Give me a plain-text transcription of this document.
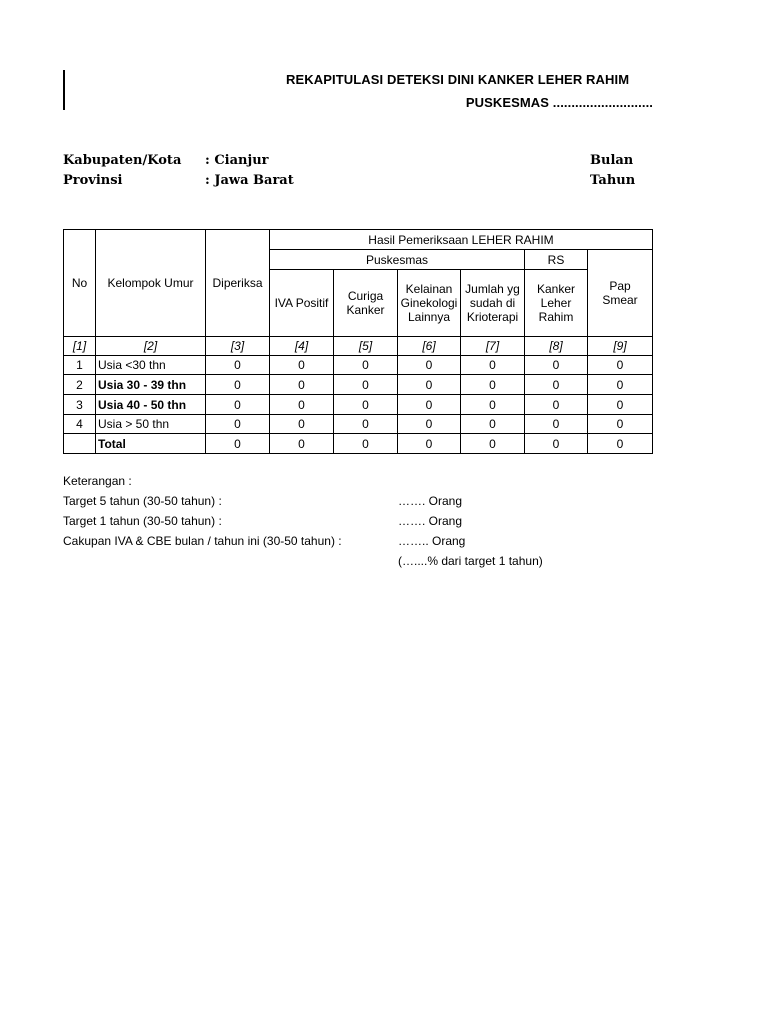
REKAPITULASI DETEKSI DINI KANKER LEHER RAHIM
PUSKESMAS ...........................
Kabupaten/Kota : Cianjur
Provinsi	: Jawa Barat
Bulan
Tahun
No	Kelompok Umur	Diperiksa	Hasil Pemeriksaan LEHER RAHIM					
			Puskesmas				RS	Pap Smear
			IVA Positif	Curiga Kanker	Kelainan Ginekologi Lainnya	Jumlah yg sudah di Krioterapi	Kanker Leher Rahim	
[1]	[2]	[3]	[4]	[5]	[6]	[7]	[8]	[9]
1	Usia <30 thn	0	0	0	0	0	0	0
2	Usia 30 - 39 thn	0	0	0	0	0	0	0
3	Usia 40 - 50 thn	0	0	0	0	0	0	0
4	Usia > 50 thn	0	0	0	0	0	0	0
	Total	0	0	0	0	0	0	0
Keterangan :
Target 5 tahun (30-50 tahun) :	……. Orang
Target 1 tahun (30-50 tahun) :	……. Orang
Cakupan IVA & CBE bulan / tahun ini (30-50 tahun) :	…….. Orang
(…....% dari target 1 tahun)
